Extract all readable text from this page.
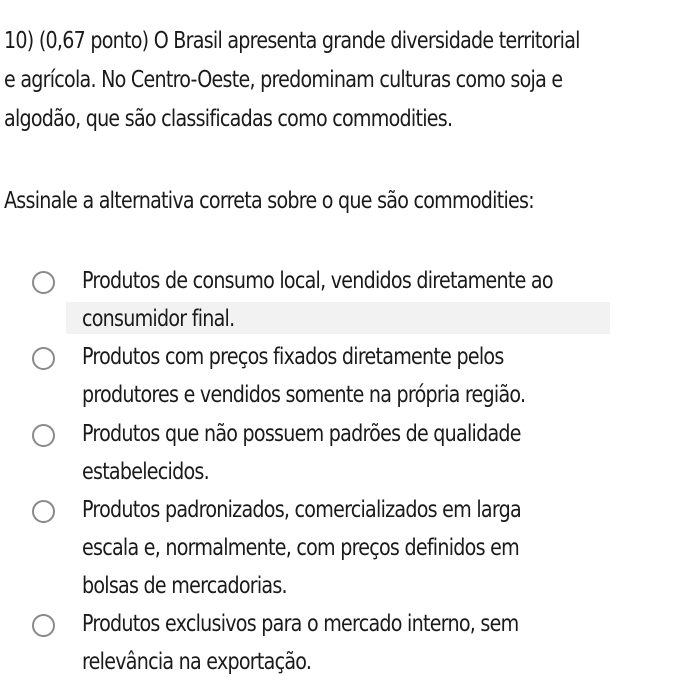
10) (0,67 ponto) O Brasil apresenta grande diversidade territorial
e agrícola. No Centro-Oeste, predominam culturas como soja e
algodão, que são classificadas como commodities.
Assinale a alternativa correta sobre o que são commodities:
Produtos de consumo local, vendidos diretamente ao
consumidor final.
Produtos com preços fixados diretamente pelos
produtores e vendidos somente na própria região.
Produtos que não possuem padrões de qualidade
estabelecidos.
Produtos padronizados, comercializados em larga
escala e, normalmente, com preços definidos em
bolsas de mercadorias.
Produtos exclusivos para o mercado interno, sem
relevância na exportação.
